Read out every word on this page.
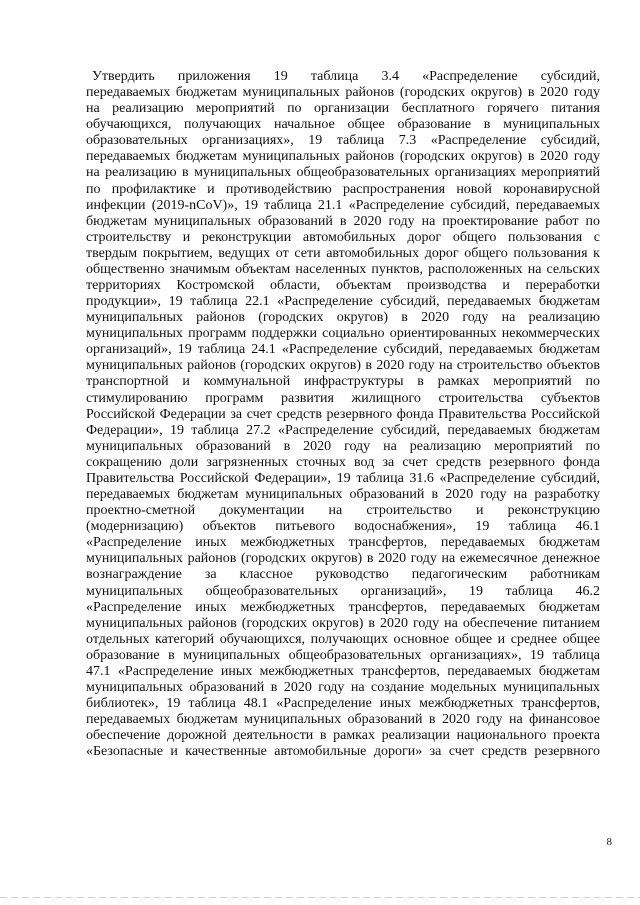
Утвердить приложения 19 таблица 3.4 «Распределение субсидий,
передаваемых бюджетам муниципальных районов (городских округов) в 2020 году
на реализацию мероприятий по организации бесплатного горячего питания
обучающихся, получающих начальное общее образование в муниципальных
образовательных организациях», 19 таблица 7.3 «Распределение субсидий,
передаваемых бюджетам муниципальных районов (городских округов) в 2020 году
на реализацию в муниципальных общеобразовательных организациях мероприятий
по профилактике и противодействию распространения новой коронавирусной
инфекции (2019-nCoV)», 19 таблица 21.1 «Распределение субсидий, передаваемых
бюджетам муниципальных образований в 2020 году на проектирование работ по
строительству и реконструкции автомобильных дорог общего пользования с
твердым покрытием, ведущих от сети автомобильных дорог общего пользования к
общественно значимым объектам населенных пунктов, расположенных на сельских
территориях Костромской области, объектам производства и переработки
продукции», 19 таблица 22.1 «Распределение субсидий, передаваемых бюджетам
муниципальных районов (городских округов) в 2020 году на реализацию
муниципальных программ поддержки социально ориентированных некоммерческих
организаций», 19 таблица 24.1 «Распределение субсидий, передаваемых бюджетам
муниципальных районов (городских округов) в 2020 году на строительство объектов
транспортной и коммунальной инфраструктуры в рамках мероприятий по
стимулированию программ развития жилищного строительства субъектов
Российской Федерации за счет средств резервного фонда Правительства Российской
Федерации», 19 таблица 27.2 «Распределение субсидий, передаваемых бюджетам
муниципальных образований в 2020 году на реализацию мероприятий по
сокращению доли загрязненных сточных вод за счет средств резервного фонда
Правительства Российской Федерации», 19 таблица 31.6 «Распределение субсидий,
передаваемых бюджетам муниципальных образований в 2020 году на разработку
проектно-сметной документации на строительство и реконструкцию
(модернизацию) объектов питьевого водоснабжения», 19 таблица 46.1
«Распределение иных межбюджетных трансфертов, передаваемых бюджетам
муниципальных районов (городских округов) в 2020 году на ежемесячное денежное
вознаграждение за классное руководство педагогическим работникам
муниципальных общеобразовательных организаций», 19 таблица 46.2
«Распределение иных межбюджетных трансфертов, передаваемых бюджетам
муниципальных районов (городских округов) в 2020 году на обеспечение питанием
отдельных категорий обучающихся, получающих основное общее и среднее общее
образование в муниципальных общеобразовательных организациях», 19 таблица
47.1 «Распределение иных межбюджетных трансфертов, передаваемых бюджетам
муниципальных образований в 2020 году на создание модельных муниципальных
библиотек», 19 таблица 48.1 «Распределение иных межбюджетных трансфертов,
передаваемых бюджетам муниципальных образований в 2020 году на финансовое
обеспечение дорожной деятельности в рамках реализации национального проекта
«Безопасные и качественные автомобильные дороги» за счет средств резервного
8
